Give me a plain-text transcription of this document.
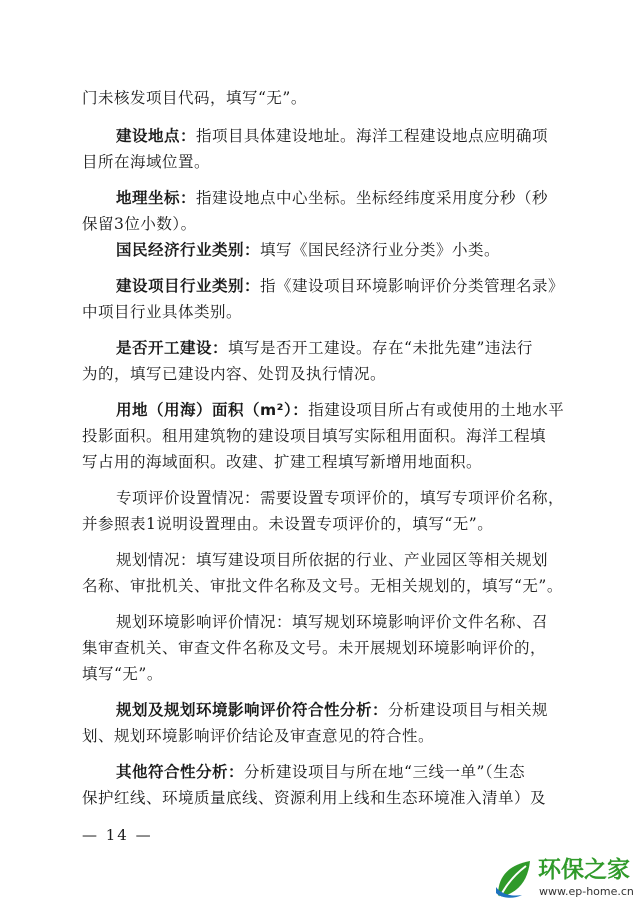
门未核发项目代码，填写“无”。
建设地点：指项目具体建设地址。海洋工程建设地点应明确项
目所在海域位置。
地理坐标：指建设地点中心坐标。坐标经纬度采用度分秒（秒
保留3位小数）。
国民经济行业类别：填写《国民经济行业分类》小类。
建设项目行业类别：指《建设项目环境影响评价分类管理名录》
中项目行业具体类别。
是否开工建设：填写是否开工建设。存在“未批先建”违法行
为的，填写已建设内容、处罚及执行情况。
用地（用海）面积（m²）：指建设项目所占有或使用的土地水平
投影面积。租用建筑物的建设项目填写实际租用面积。海洋工程填
写占用的海域面积。改建、扩建工程填写新增用地面积。
专项评价设置情况：需要设置专项评价的，填写专项评价名称，
并参照表1说明设置理由。未设置专项评价的，填写“无”。
规划情况：填写建设项目所依据的行业、产业园区等相关规划
名称、审批机关、审批文件名称及文号。无相关规划的，填写“无”。
规划环境影响评价情况：填写规划环境影响评价文件名称、召
集审查机关、审查文件名称及文号。未开展规划环境影响评价的，
填写“无”。
规划及规划环境影响评价符合性分析：分析建设项目与相关规
划、规划环境影响评价结论及审查意见的符合性。
其他符合性分析：分析建设项目与所在地“三线一单”（生态
保护红线、环境质量底线、资源利用上线和生态环境准入清单）及
— 14 —
环保之家
www.ep-home.cn
